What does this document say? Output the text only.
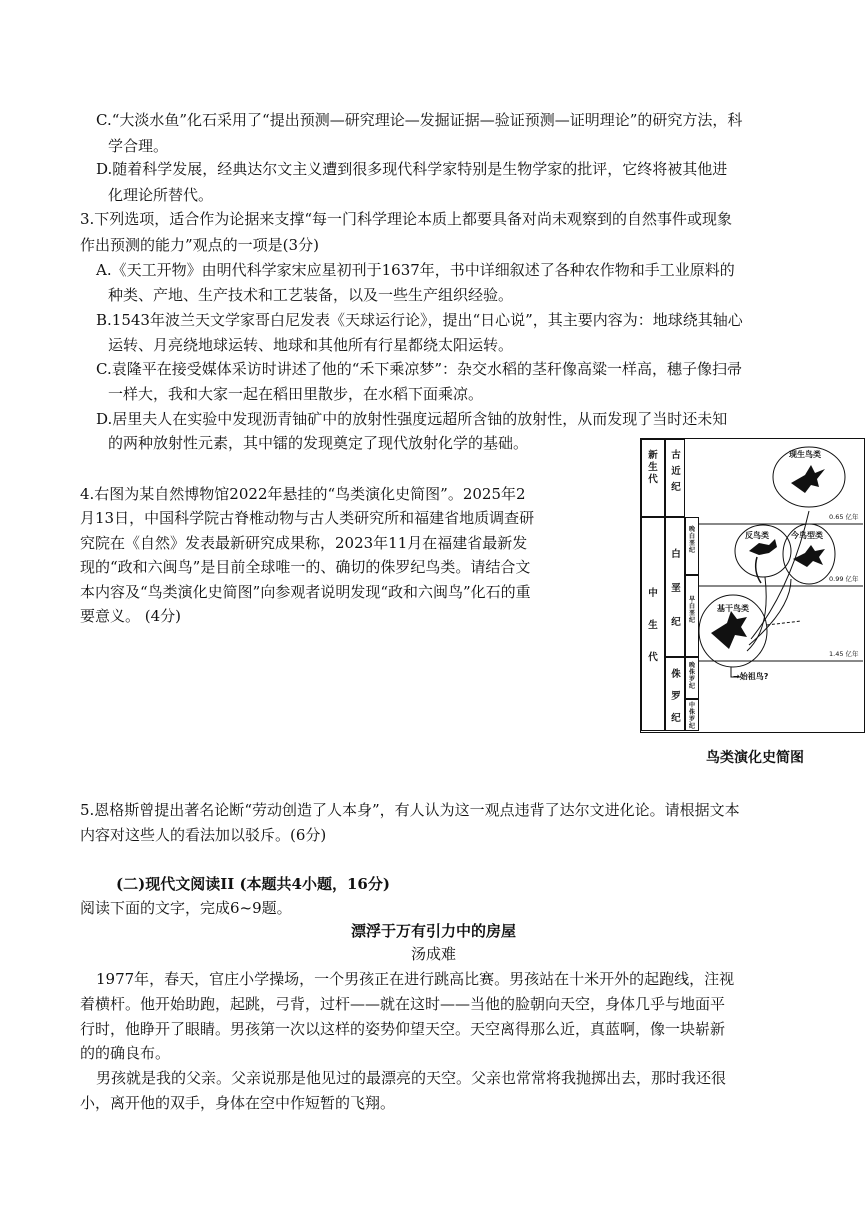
C.“大淡水鱼”化石采用了“提出预测—研究理论—发掘证据—验证预测—证明理论”的研究方法，科
学合理。
D.随着科学发展，经典达尔文主义遭到很多现代科学家特别是生物学家的批评，它终将被其他进
化理论所替代。
3.下列选项，适合作为论据来支撑“每一门科学理论本质上都要具备对尚未观察到的自然事件或现象
作出预测的能力”观点的一项是(3分)
A.《天工开物》由明代科学家宋应星初刊于1637年，书中详细叙述了各种农作物和手工业原料的
种类、产地、生产技术和工艺装备，以及一些生产组织经验。
B.1543年波兰天文学家哥白尼发表《天球运行论》，提出“日心说”，其主要内容为：地球绕其轴心
运转、月亮绕地球运转、地球和其他所有行星都绕太阳运转。
C.袁隆平在接受媒体采访时讲述了他的“禾下乘凉梦”：杂交水稻的茎秆像高粱一样高，穗子像扫帚
一样大，我和大家一起在稻田里散步，在水稻下面乘凉。
D.居里夫人在实验中发现沥青铀矿中的放射性强度远超所含铀的放射性，从而发现了当时还未知
的两种放射性元素，其中镭的发现奠定了现代放射化学的基础。
4.右图为某自然博物馆2022年悬挂的“鸟类演化史简图”。2025年2
月13日，中国科学院古脊椎动物与古人类研究所和福建省地质调查研
究院在《自然》发表最新研究成果称，2023年11月在福建省最新发
现的“政和六闽鸟”是目前全球唯一的、确切的侏罗纪鸟类。请结合文
本内容及“鸟类演化史简图”向参观者说明发现“政和六闽鸟”化石的重
要意义。 (4分)
5.恩格斯曾提出著名论断“劳动创造了人本身”，有人认为这一观点违背了达尔文进化论。请根据文本
内容对这些人的看法加以驳斥。(6分)
(二)现代文阅读II (本题共4小题，16分)
阅读下面的文字，完成6~9题。
漂浮于万有引力中的房屋
汤成难
1977年，春天，官庄小学操场，一个男孩正在进行跳高比赛。男孩站在十米开外的起跑线，注视
着横杆。他开始助跑，起跳，弓背，过杆——就在这时——当他的脸朝向天空，身体几乎与地面平
行时，他睁开了眼睛。男孩第一次以这样的姿势仰望天空。天空离得那么近，真蓝啊，像一块崭新
的的确良布。
男孩就是我的父亲。父亲说那是他见过的最漂亮的天空。父亲也常常将我抛掷出去，那时我还很
小，离开他的双手，身体在空中作短暂的飞翔。
新生代
中生代
古近纪
白垩纪
侏罗纪
晚白垩纪
早白垩纪
晚侏罗纪
中侏罗纪
0.65 亿年
0.99 亿年
1.45 亿年
现生鸟类
今鸟型类
反鸟类
基干鸟类
→始祖鸟?
鸟类演化史简图
